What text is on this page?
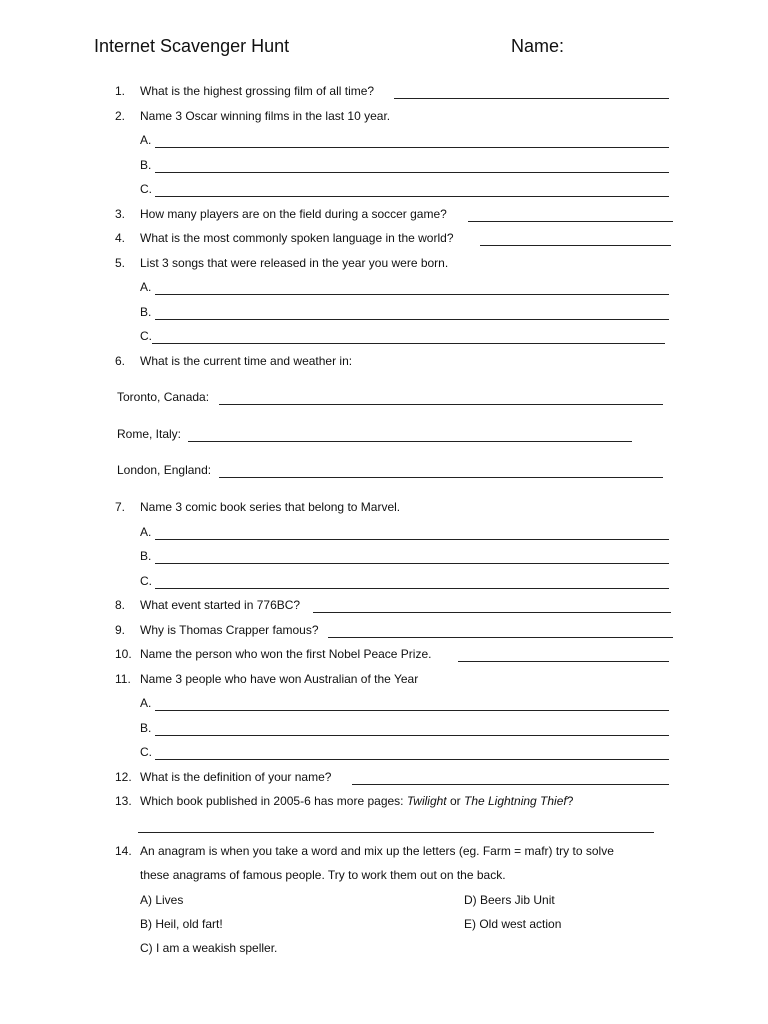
Internet Scavenger Hunt	Name:
1.	What is the highest grossing film of all time?
2.	Name 3 Oscar winning films in the last 10 year.
A.
B.
C.
3.	How many players are on the field during a soccer game?
4.	What is the most commonly spoken language in the world?
5.	List 3 songs that were released in the year you were born.
A.
B.
C.
6.	What is the current time and weather in:
Toronto, Canada:
Rome, Italy:
London, England:
7.	Name 3 comic book series that belong to Marvel.
A.
B.
C.
8.	What event started in 776BC?
9.	Why is Thomas Crapper famous?
10. Name the person who won the first Nobel Peace Prize.
11. Name 3 people who have won Australian of the Year
A.
B.
C.
12. What is the definition of your name?
13. Which book published in 2005-6 has more pages: Twilight or The Lightning Thief?
14. An anagram is when you take a word and mix up the letters (eg. Farm = mafr) try to solve
these anagrams of famous people. Try to work them out on the back.
A) Lives	D) Beers Jib Unit
B) Heil, old fart!	E) Old west action
C) I am a weakish speller.
